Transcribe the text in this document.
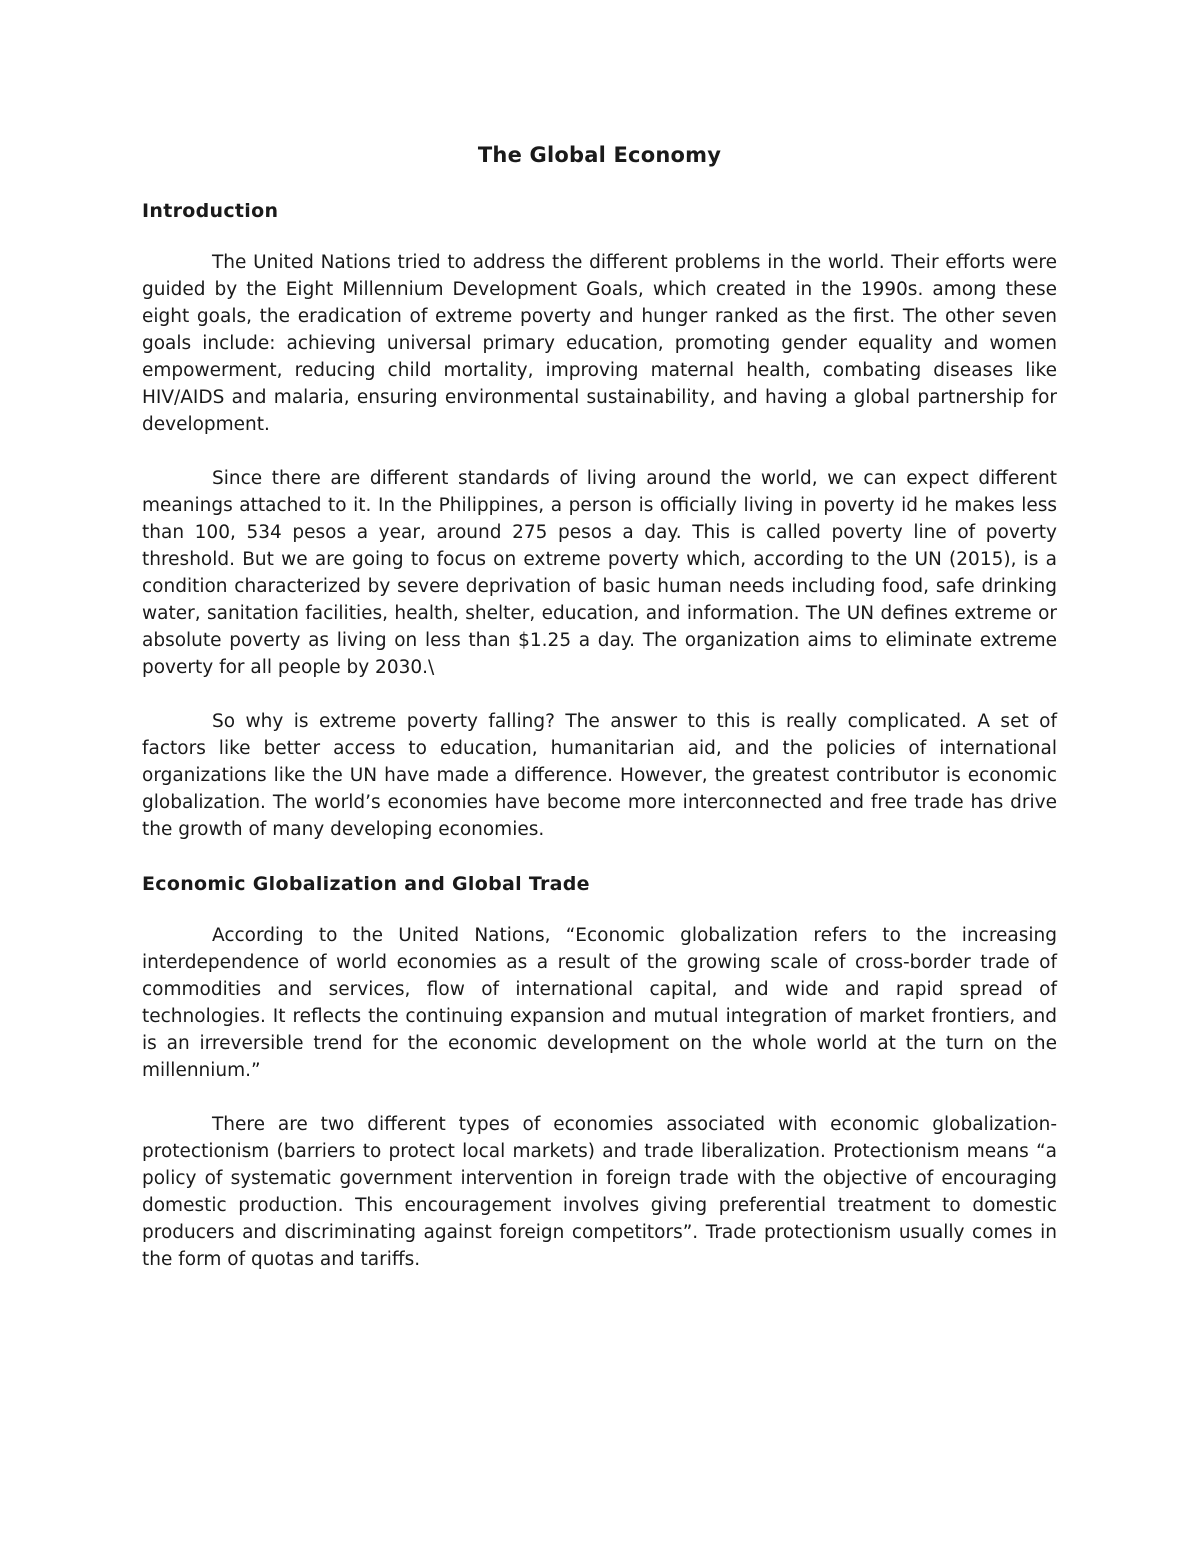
The Global Economy
Introduction

The United Nations tried to address the different problems in the world. Their efforts were guided by the Eight Millennium Development Goals, which created in the 1990s. among these eight goals, the eradication of extreme poverty and hunger ranked as the first. The other seven goals include: achieving universal primary education, promoting gender equality and women empowerment, reducing child mortality, improving maternal health, combating diseases like HIV/AIDS and malaria, ensuring environmental sustainability, and having a global partnership for development.

Since there are different standards of living around the world, we can expect different meanings attached to it. In the Philippines, a person is officially living in poverty id he makes less than 100, 534 pesos a year, around 275 pesos a day. This is called poverty line of poverty threshold. But we are going to focus on extreme poverty which, according to the UN (2015), is a condition characterized by severe deprivation of basic human needs including food, safe drinking water, sanitation facilities, health, shelter, education, and information. The UN defines extreme or absolute poverty as living on less than $1.25 a day. The organization aims to eliminate extreme poverty for all people by 2030.\

So why is extreme poverty falling? The answer to this is really complicated. A set of factors like better access to education, humanitarian aid, and the policies of international organizations like the UN have made a difference. However, the greatest contributor is economic globalization. The world’s economies have become more interconnected and free trade has drive the growth of many developing economies.

Economic Globalization and Global Trade

According to the United Nations, “Economic globalization refers to the increasing interdependence of world economies as a result of the growing scale of cross-border trade of commodities and services, flow of international capital, and wide and rapid spread of technologies. It reflects the continuing expansion and mutual integration of market frontiers, and is an irreversible trend for the economic development on the whole world at the turn on the millennium.”

There are two different types of economies associated with economic globalization-protectionism (barriers to protect local markets) and trade liberalization. Protectionism means “a policy of systematic government intervention in foreign trade with the objective of encouraging domestic production. This encouragement involves giving preferential treatment to domestic producers and discriminating against foreign competitors”. Trade protectionism usually comes in the form of quotas and tariffs.
